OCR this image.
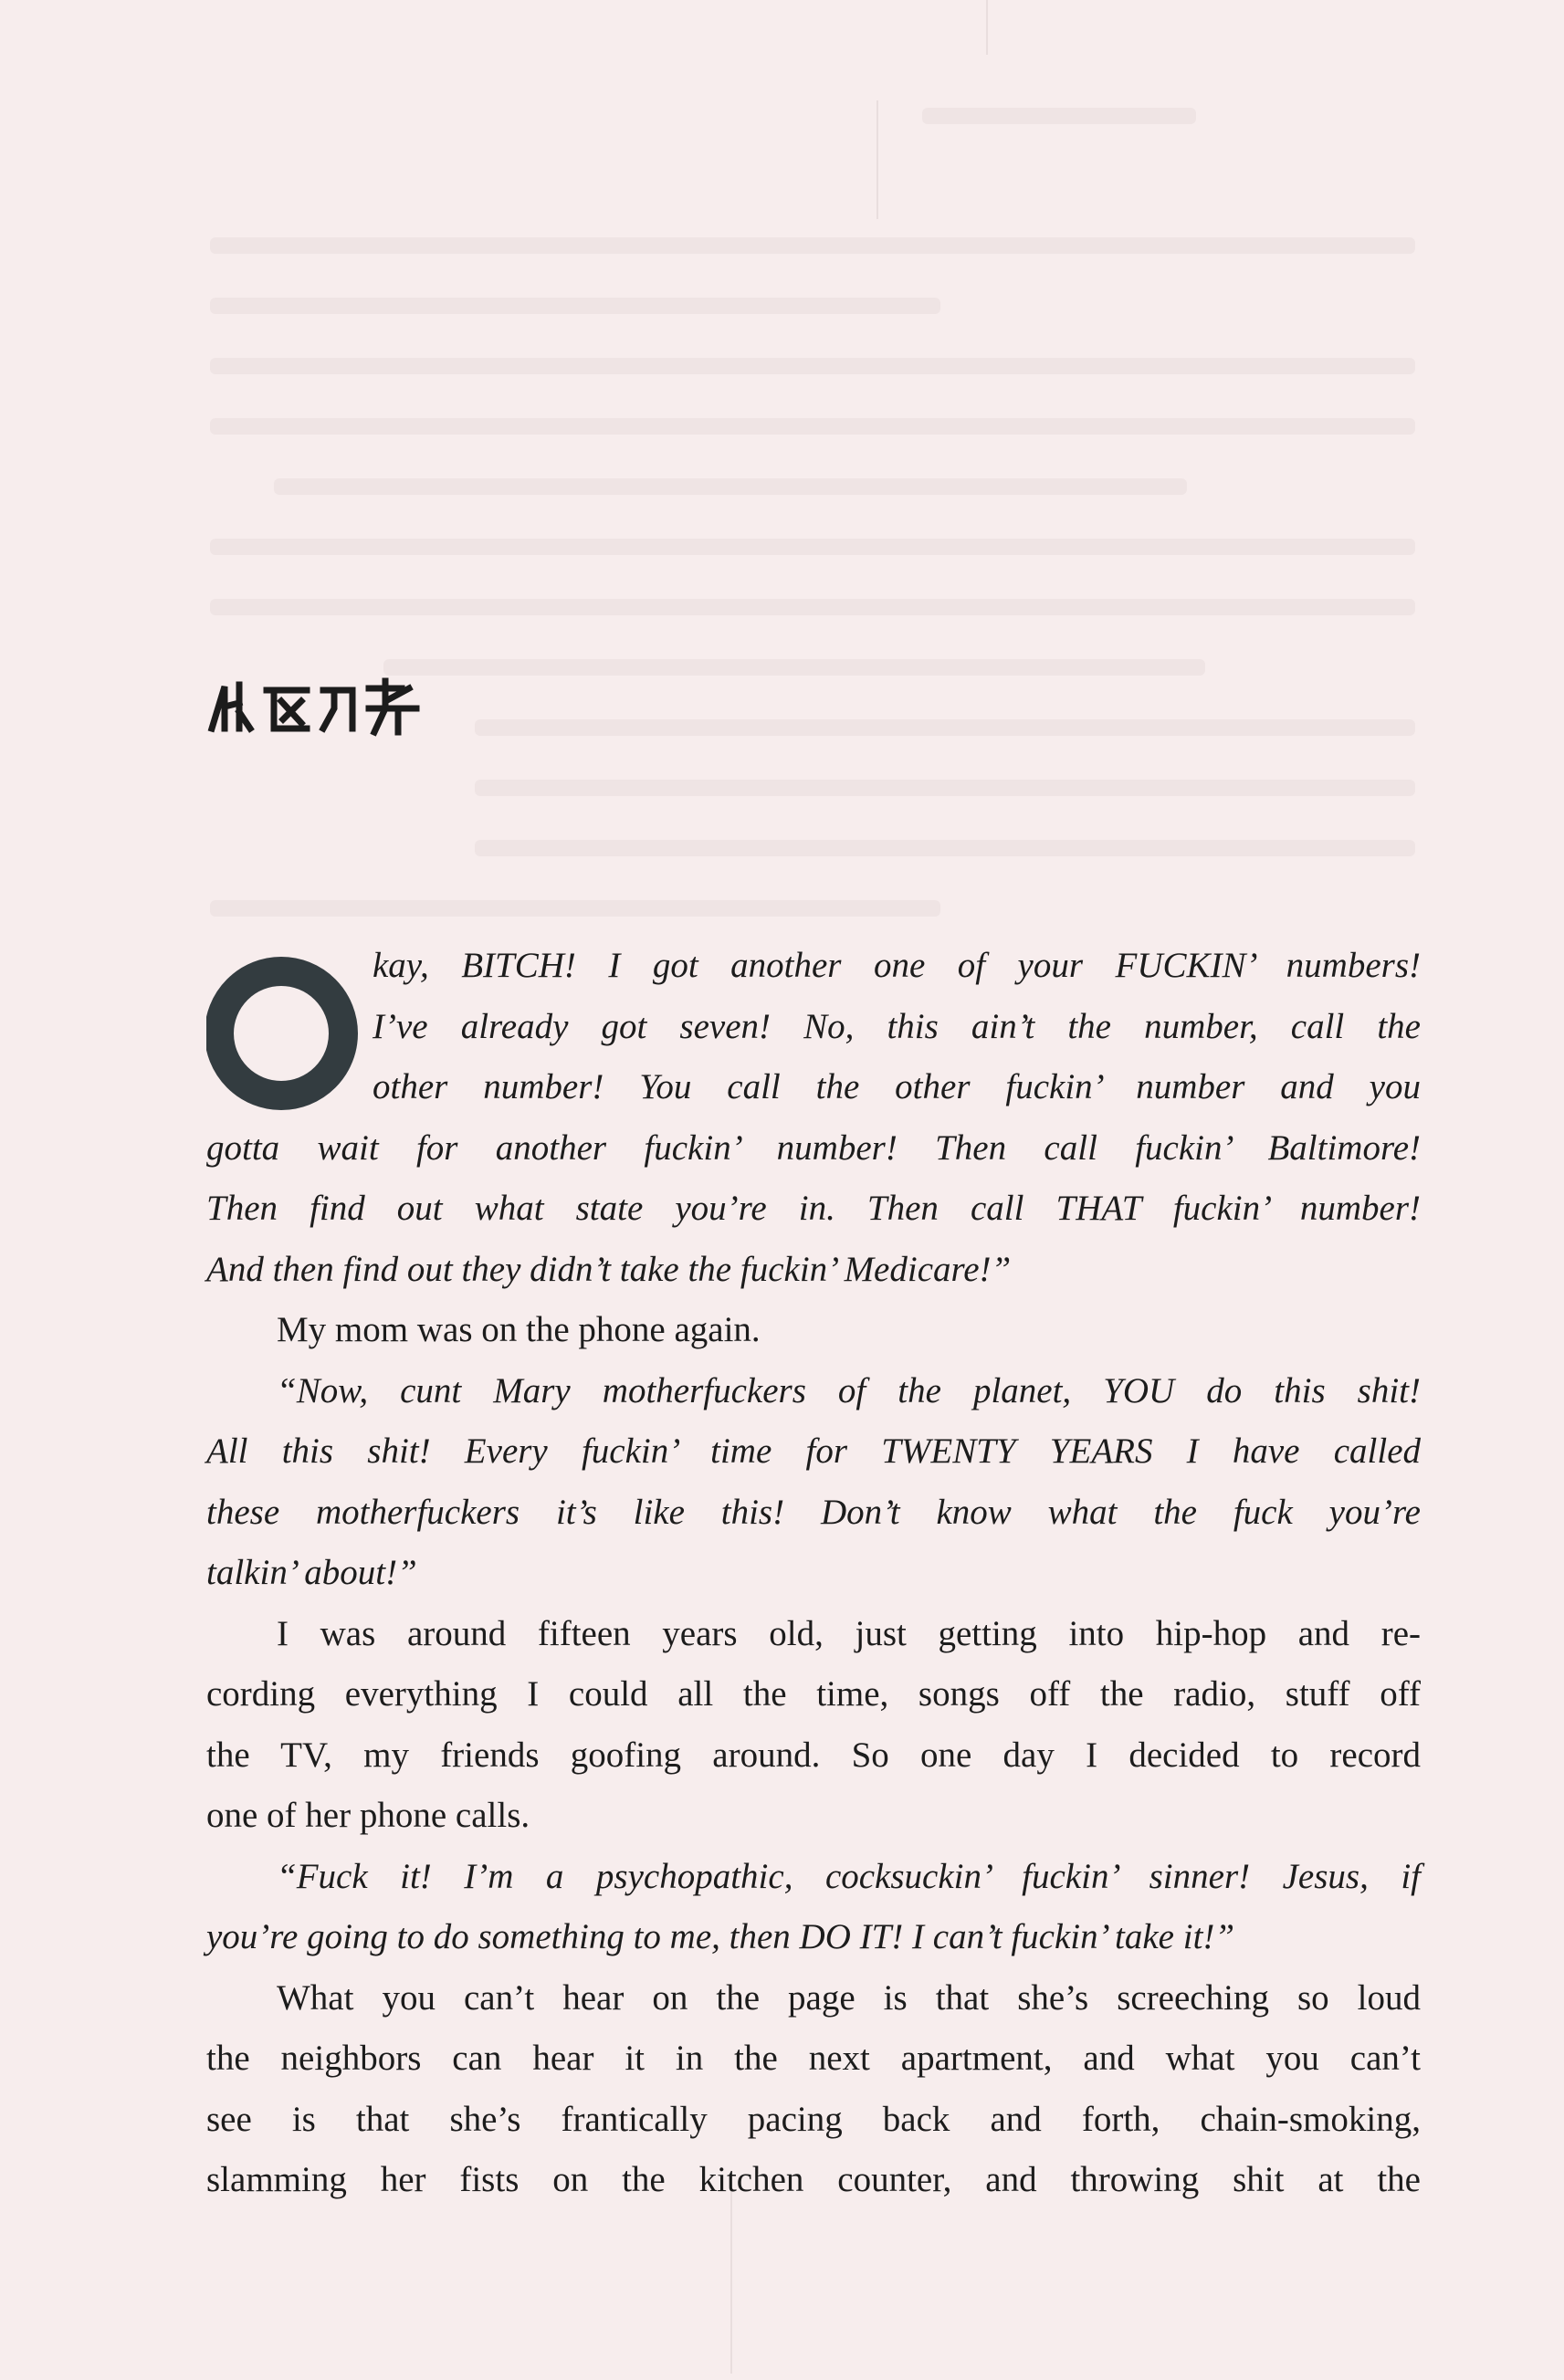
kay, BITCH! I got another one of your FUCKIN’ numbers!
I’ve already got seven! No, this ain’t the number, call the
other number! You call the other fuckin’ number and you
gotta wait for another fuckin’ number! Then call fuckin’ Baltimore!
Then find out what state you’re in. Then call THAT fuckin’ number!
And then find out they didn’t take the fuckin’ Medicare!”
My mom was on the phone again.
“Now, cunt Mary motherfuckers of the planet, YOU do this shit!
All this shit! Every fuckin’ time for TWENTY YEARS I have called
these motherfuckers it’s like this! Don’t know what the fuck you’re
talkin’ about!”
I was around fifteen years old, just getting into hip-hop and re-
cording everything I could all the time, songs off the radio, stuff off
the TV, my friends goofing around. So one day I decided to record
one of her phone calls.
“Fuck it! I’m a psychopathic, cocksuckin’ fuckin’ sinner! Jesus, if
you’re going to do something to me, then DO IT! I can’t fuckin’ take it!”
What you can’t hear on the page is that she’s screeching so loud
the neighbors can hear it in the next apartment, and what you can’t
see is that she’s frantically pacing back and forth, chain-smoking,
slamming her fists on the kitchen counter, and throwing shit at the
